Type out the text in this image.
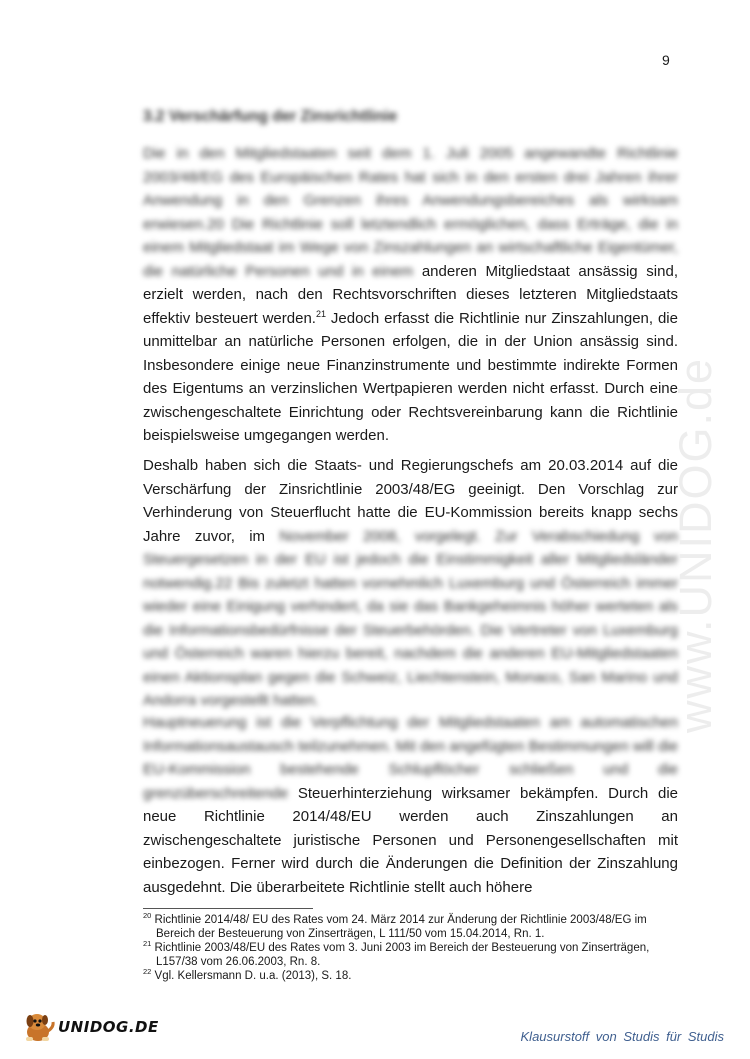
9
3.2 Verschärfung der Zinsrichtlinie

Die in den Mitgliedstaaten seit dem 1. Juli 2005 angewandte Richtlinie 2003/48/EG des Europäischen Rates hat sich in den ersten drei Jahren ihrer Anwendung in den Grenzen ihres Anwendungsbereiches als wirksam erwiesen.20 Die Richtlinie soll letztendlich ermöglichen, dass Erträge, die in einem Mitgliedstaat im Wege von Zinszahlungen an wirtschaftliche Eigentümer, die natürliche Personen und in einem anderen Mitgliedstaat ansässig sind, erzielt werden, nach den Rechtsvorschriften dieses letzteren Mitgliedstaats effektiv besteuert werden.$^{21}$ Jedoch erfasst die Richtlinie nur Zinszahlungen, die unmittelbar an natürliche Personen erfolgen, die in der Union ansässig sind. Insbesondere einige neue Finanzinstrumente und bestimmte indirekte Formen des Eigentums an verzinslichen Wertpapieren werden nicht erfasst. Durch eine zwischengeschaltete Einrichtung oder Rechtsvereinbarung kann die Richtlinie beispielsweise umgegangen werden.

Deshalb haben sich die Staats- und Regierungschefs am 20.03.2014 auf die Verschärfung der Zinsrichtlinie 2003/48/EG geeinigt. Den Vorschlag zur Verhinderung von Steuerflucht hatte die EU-Kommission bereits knapp sechs Jahre zuvor, im November 2008, vorgelegt. Zur Verabschiedung von Steuergesetzen in der EU ist jedoch die Einstimmigkeit aller Mitgliedsländer notwendig.22 Bis zuletzt hatten vornehmlich Luxemburg und Österreich immer wieder eine Einigung verhindert, da sie das Bankgeheimnis höher werteten als die Informationsbedürfnisse der Steuerbehörden. Die Vertreter von Luxemburg und Österreich waren hierzu bereit, nachdem die anderen EU-Mitgliedstaaten einen Aktionsplan gegen die Schweiz, Liechtenstein, Monaco, San Marino und Andorra vorgestellt hatten.

Hauptneuerung ist die Verpflichtung der Mitgliedstaaten am automatischen Informationsaustausch teilzunehmen. Mit den angefügten Bestimmungen will die EU-Kommission bestehende Schlupflöcher schließen und die grenzüberschreitende Steuerhinterziehung wirksamer bekämpfen. Durch die neue Richtlinie 2014/48/EU werden auch Zinszahlungen an zwischengeschaltete juristische Personen und Personengesellschaften mit einbezogen. Ferner wird durch die Änderungen die Definition der Zinszahlung ausgedehnt. Die überarbeitete Richtlinie stellt auch höhere

www.UNIDOG.de
$^{20}$ Richtlinie 2014/48/ EU des Rates vom 24. März 2014 zur Änderung der Richtlinie 2003/48/EG im Bereich der Besteuerung von Zinserträgen, L 111/50 vom 15.04.2014, Rn. 1.
$^{21}$ Richtlinie 2003/48/EU des Rates vom 3. Juni 2003 im Bereich der Besteuerung von Zinserträgen, L157/38 vom 26.06.2003, Rn. 8.
$^{22}$ Vgl. Kellersmann D. u.a. (2013), S. 18.
UNIDOG.DE
Klausurstoff von Studis für Studis
